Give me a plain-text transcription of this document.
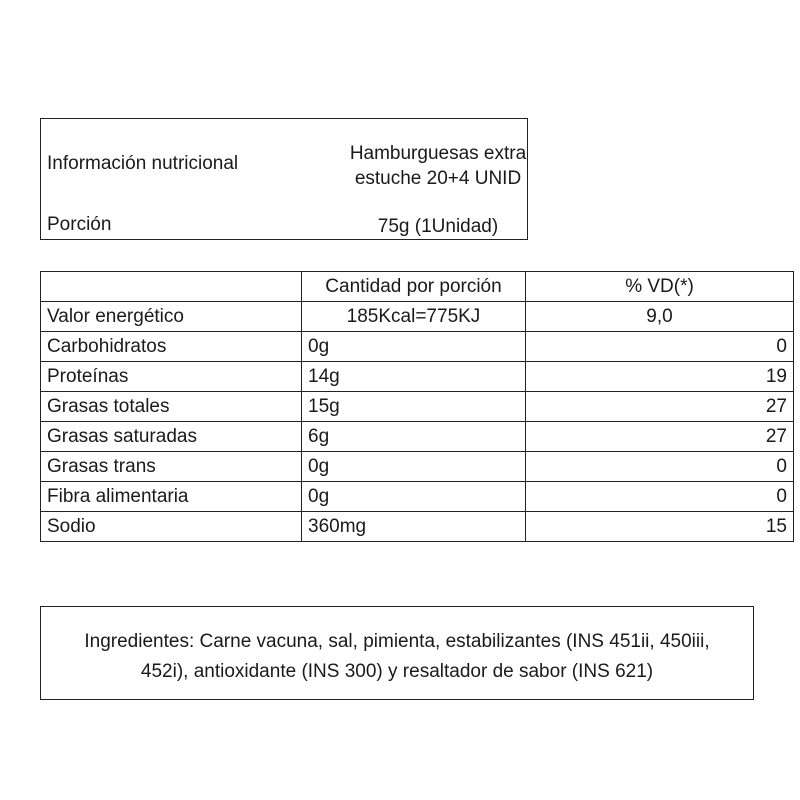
Información nutricional	Hamburguesas extra
estuche 20+4 UNID
Porción	75g (1Unidad)
	Cantidad por porción	% VD(*)
Valor energético	185Kcal=775KJ	9,0
Carbohidratos	0g	0
Proteínas	14g	19
Grasas totales	15g	27
Grasas saturadas	6g	27
Grasas trans	0g	0
Fibra alimentaria	0g	0
Sodio	360mg	15
Ingredientes: Carne vacuna, sal, pimienta, estabilizantes (INS 451ii, 450iii,
452i), antioxidante (INS 300) y resaltador de sabor (INS 621)
